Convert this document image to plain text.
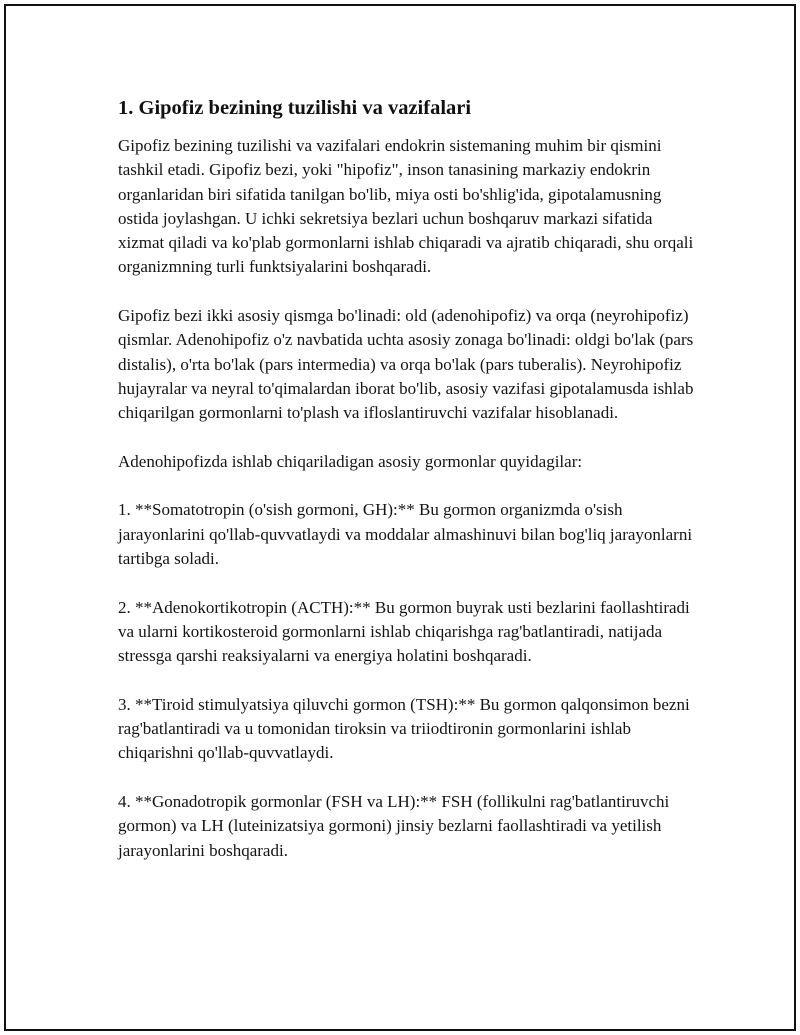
1. Gipofiz bezining tuzilishi va vazifalari

Gipofiz bezining tuzilishi va vazifalari endokrin sistemaning muhim bir qismini tashkil etadi. Gipofiz bezi, yoki "hipofiz", inson tanasining markaziy endokrin organlaridan biri sifatida tanilgan bo'lib, miya osti bo'shlig'ida, gipotalamusning ostida joylashgan. U ichki sekretsiya bezlari uchun boshqaruv markazi sifatida xizmat qiladi va ko'plab gormonlarni ishlab chiqaradi va ajratib chiqaradi, shu orqali organizmning turli funktsiyalarini boshqaradi.

Gipofiz bezi ikki asosiy qismga bo'linadi: old (adenohipofiz) va orqa (neyrohipofiz) qismlar. Adenohipofiz o'z navbatida uchta asosiy zonaga bo'linadi: oldgi bo'lak (pars distalis), o'rta bo'lak (pars intermedia) va orqa bo'lak (pars tuberalis). Neyrohipofiz hujayralar va neyral to'qimalardan iborat bo'lib, asosiy vazifasi gipotalamusda ishlab chiqarilgan gormonlarni to'plash va ifloslantiruvchi vazifalar hisoblanadi.

Adenohipofizda ishlab chiqariladigan asosiy gormonlar quyidagilar:

1. **Somatotropin (o'sish gormoni, GH):** Bu gormon organizmda o'sish jarayonlarini qo'llab-quvvatlaydi va moddalar almashinuvi bilan bog'liq jarayonlarni tartibga soladi.

2. **Adenokortikotropin (ACTH):** Bu gormon buyrak usti bezlarini faollashtiradi va ularni kortikosteroid gormonlarni ishlab chiqarishga rag'batlantiradi, natijada stressga qarshi reaksiyalarni va energiya holatini boshqaradi.

3. **Tiroid stimulyatsiya qiluvchi gormon (TSH):** Bu gormon qalqonsimon bezni rag'batlantiradi va u tomonidan tiroksin va triiodtironin gormonlarini ishlab chiqarishni qo'llab-quvvatlaydi.

4. **Gonadotropik gormonlar (FSH va LH):** FSH (follikulni rag'batlantiruvchi gormon) va LH (luteinizatsiya gormoni) jinsiy bezlarni faollashtiradi va yetilish jarayonlarini boshqaradi.
